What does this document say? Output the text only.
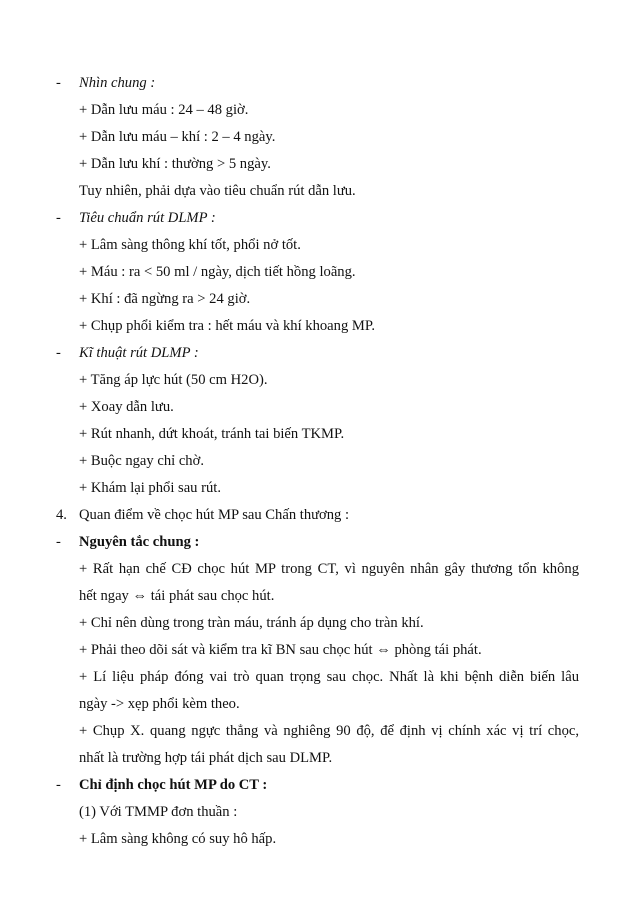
- Nhìn chung :
+ Dẫn lưu máu : 24 – 48 giờ.
+ Dẫn lưu máu – khí : 2 – 4 ngày.
+ Dẫn lưu khí : thường > 5 ngày.
Tuy nhiên, phải dựa vào tiêu chuẩn rút dẫn lưu.
- Tiêu chuẩn rút DLMP :
+ Lâm sàng thông khí tốt, phổi nở tốt.
+ Máu : ra < 50 ml / ngày, dịch tiết hồng loãng.
+ Khí : đã ngừng ra > 24 giờ.
+ Chụp phổi kiểm tra : hết máu và khí khoang MP.
- Kĩ thuật rút DLMP :
+ Tăng áp lực hút (50 cm H2O).
+ Xoay dẫn lưu.
+ Rút nhanh, dứt khoát, tránh tai biến TKMP.
+ Buộc ngay chỉ chờ.
+ Khám lại phổi sau rút.
4. Quan điểm về chọc hút MP sau Chấn thương :
- Nguyên tắc chung :
+ Rất hạn chế CĐ chọc hút MP trong CT, vì nguyên nhân gây thương tổn không
hết ngay ⇔ tái phát sau chọc hút.
+ Chỉ nên dùng trong tràn máu, tránh áp dụng cho tràn khí.
+ Phải theo dõi sát và kiểm tra kĩ BN sau chọc hút ⇔ phòng tái phát.
+ Lí liệu pháp đóng vai trò quan trọng sau chọc. Nhất là khi bệnh diễn biến lâu
ngày -> xẹp phổi kèm theo.
+ Chụp X. quang ngực thẳng và nghiêng 90 độ, để định vị chính xác vị trí chọc,
nhất là trường hợp tái phát dịch sau DLMP.
- Chỉ định chọc hút MP do CT :
(1) Với TMMP đơn thuần :
+ Lâm sàng không có suy hô hấp.
